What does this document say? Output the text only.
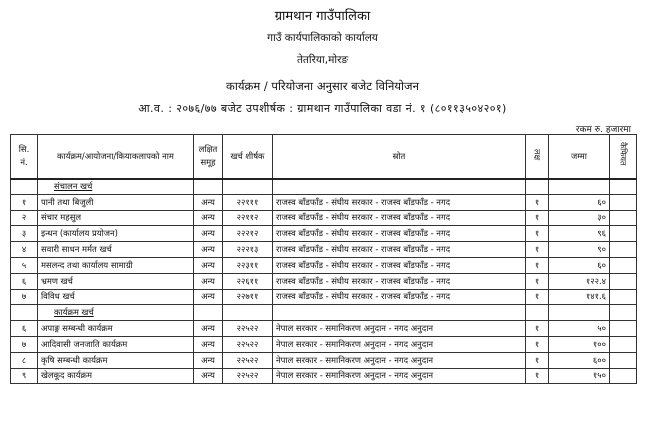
ग्रामथान गाउँपालिका
गाउँ कार्यपालिकाको कार्यालय
तेतरिया,मोरङ
कार्यक्रम / परियोजना अनुसार बजेट विनियोजन
आ.व. : २०७६/७७ बजेट उपशीर्षक : ग्रामथान गाउँपालिका वडा नं. १ (८०११३५०४२०१)
रकम रु. हजारमा
सि. नं.	कार्यक्रम/आयोजना/कियाकलापको नाम	लक्षित समूह	खर्च शीर्षक	स्रोत	लक्ष	जम्मा	कैफियत
	संचालन खर्च						
१	पानी तथा बिजुली	अन्य	२२१११	राजस्व बाँडफाँड - संघीय सरकार - राजस्व बाँडफाँड - नगद	१	६०	
२	संचार महसुल	अन्य	२२११२	राजस्व बाँडफाँड - संघीय सरकार - राजस्व बाँडफाँड - नगद	१	३०	
३	इन्धन (कार्यालय प्रयोजन)	अन्य	२२२१२	राजस्व बाँडफाँड - संघीय सरकार - राजस्व बाँडफाँड - नगद	१	९६	
४	सवारी साधन मर्मत खर्च	अन्य	२२२१३	राजस्व बाँडफाँड - संघीय सरकार - राजस्व बाँडफाँड - नगद	१	९०	
५	मसलन्द तथा कार्यालय सामाग्री	अन्य	२२३११	राजस्व बाँडफाँड - संघीय सरकार - राजस्व बाँडफाँड - नगद	१	६०	
६	भ्रमण खर्च	अन्य	२२६११	राजस्व बाँडफाँड - संघीय सरकार - राजस्व बाँडफाँड - नगद	१	१२२.४	
७	विविध खर्च	अन्य	२२७११	राजस्व बाँडफाँड - संघीय सरकार - राजस्व बाँडफाँड - नगद	१	१४१.६	
	कार्यक्रम खर्च						
६	अपाङ्ग सम्बन्धी कार्यक्रम	अन्य	२२५२२	नेपाल सरकार - समानिकरण अनुदान - नगद अनुदान	१	५०	
७	आदिवासी जनजाति कार्यक्रम	अन्य	२२५२२	नेपाल सरकार - समानिकरण अनुदान - नगद अनुदान	१	१००	
८	कृषि सम्बन्धी कार्यक्रम	अन्य	२२५२२	नेपाल सरकार - समानिकरण अनुदान - नगद अनुदान	१	६००	
९	खेलकूद कार्यक्रम	अन्य	२२५२२	नेपाल सरकार - समानिकरण अनुदान - नगद अनुदान	१	१५०	
